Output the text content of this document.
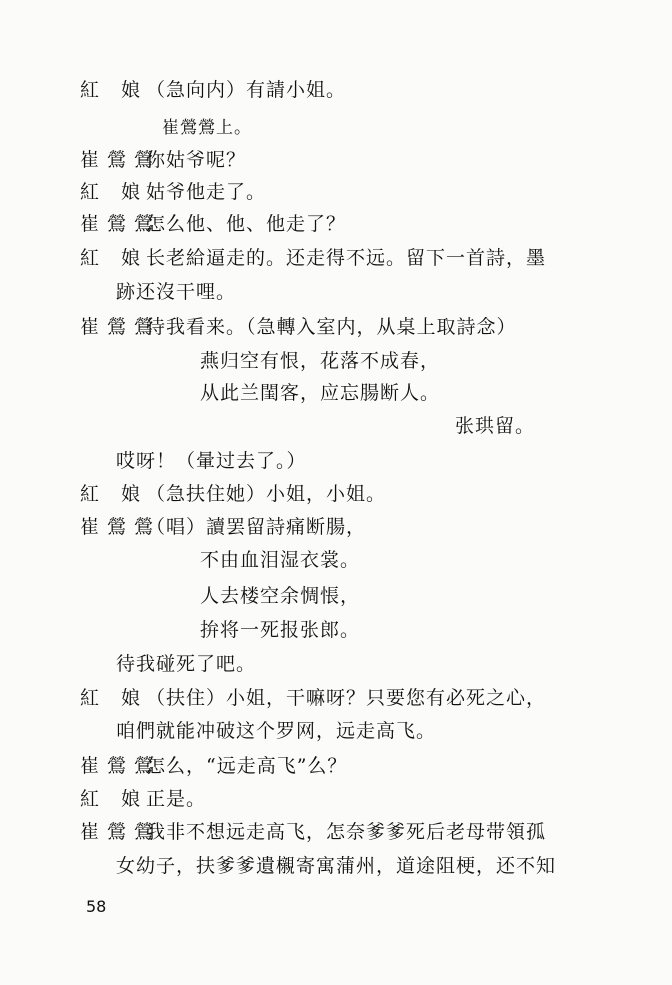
紅 娘（急向内）有請小姐。
崔鶯鶯上。
崔鶯鶯你姑爷呢？
紅 娘姑爷他走了。
崔鶯鶯怎么他、他、他走了？
紅 娘长老給逼走的。还走得不远。留下一首詩，墨
跡还沒干哩。
崔鶯鶯待我看来。（急轉入室内，从桌上取詩念）
燕归空有恨，花落不成春，
从此兰閨客，应忘腸断人。
张珙留。
哎呀！（暈过去了。）
紅 娘（急扶住她）小姐，小姐。
崔鶯鶯（唱）讀罢留詩痛断腸，
不由血泪湿衣裳。
人去楼空余惆悵，
拚将一死报张郎。
待我碰死了吧。
紅 娘（扶住）小姐，干嘛呀？只要您有必死之心，
咱們就能冲破这个罗网，远走高飞。
崔鶯鶯怎么，“远走高飞”么？
紅 娘正是。
崔鶯鶯我非不想远走高飞，怎奈爹爹死后老母带領孤
女幼子，扶爹爹遺櫬寄寓蒲州，道途阻梗，还不知
58
